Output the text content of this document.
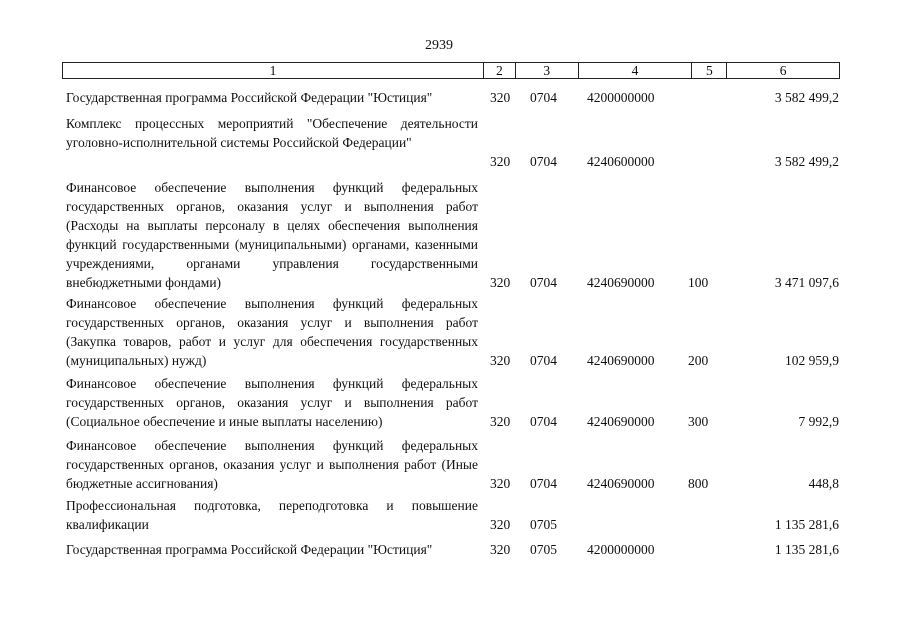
2939
1	2	3	4	5	6
Государственная программа Российской Федерации "Юстиция"	320 0704 4200000000	3 582 499,2
Комплекс процессных мероприятий "Обеспечение деятельности уголовно-исполнительной системы Российской Федерации"
320 0704 4240600000	3 582 499,2
Финансовое обеспечение выполнения функций федеральных государственных органов, оказания услуг и выполнения работ (Расходы на выплаты персоналу в целях обеспечения выполнения функций государственными (муниципальными) органами, казенными учреждениями, органами управления государственными внебюджетными фондами)	320 0704 4240690000 100	3 471 097,6
Финансовое обеспечение выполнения функций федеральных государственных органов, оказания услуг и выполнения работ (Закупка товаров, работ и услуг для обеспечения государственных (муниципальных) нужд)	320 0704 4240690000 200	102 959,9
Финансовое обеспечение выполнения функций федеральных государственных органов, оказания услуг и выполнения работ (Социальное обеспечение и иные выплаты населению)	320 0704 4240690000 300	7 992,9
Финансовое обеспечение выполнения функций федеральных государственных органов, оказания услуг и выполнения работ (Иные бюджетные ассигнования)	320 0704 4240690000 800	448,8
Профессиональная подготовка, переподготовка и повышение квалификации	320 0705	1 135 281,6
Государственная программа Российской Федерации "Юстиция"	320 0705 4200000000	1 135 281,6
